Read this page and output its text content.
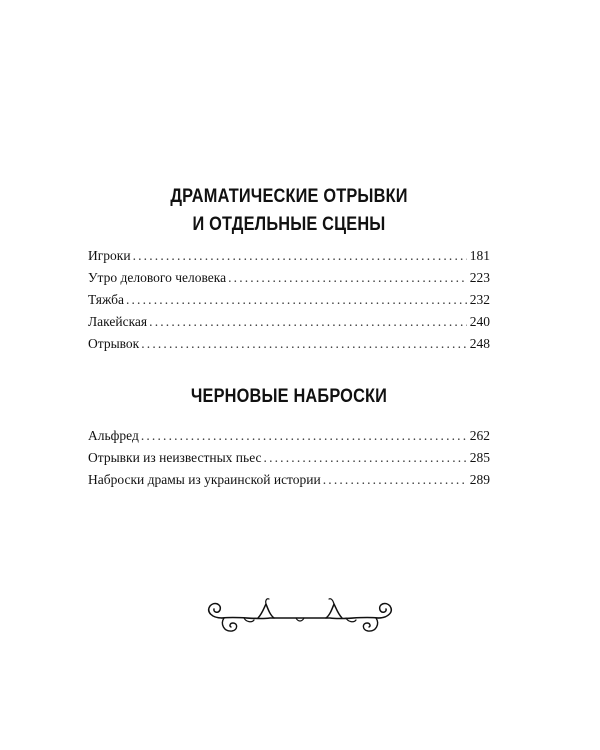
ДРАМАТИЧЕСКИЕ ОТРЫВКИ
И ОТДЕЛЬНЫЕ СЦЕНЫ
Игроки . . .	181
Утро делового человека . . .	223
Тяжба . . .	232
Лакейская . . .	240
Отрывок . . .	248
ЧЕРНОВЫЕ НАБРОСКИ
Альфред . . .	262
Отрывки из неизвестных пьес . . .	285
Наброски драмы из украинской истории . . .	289
